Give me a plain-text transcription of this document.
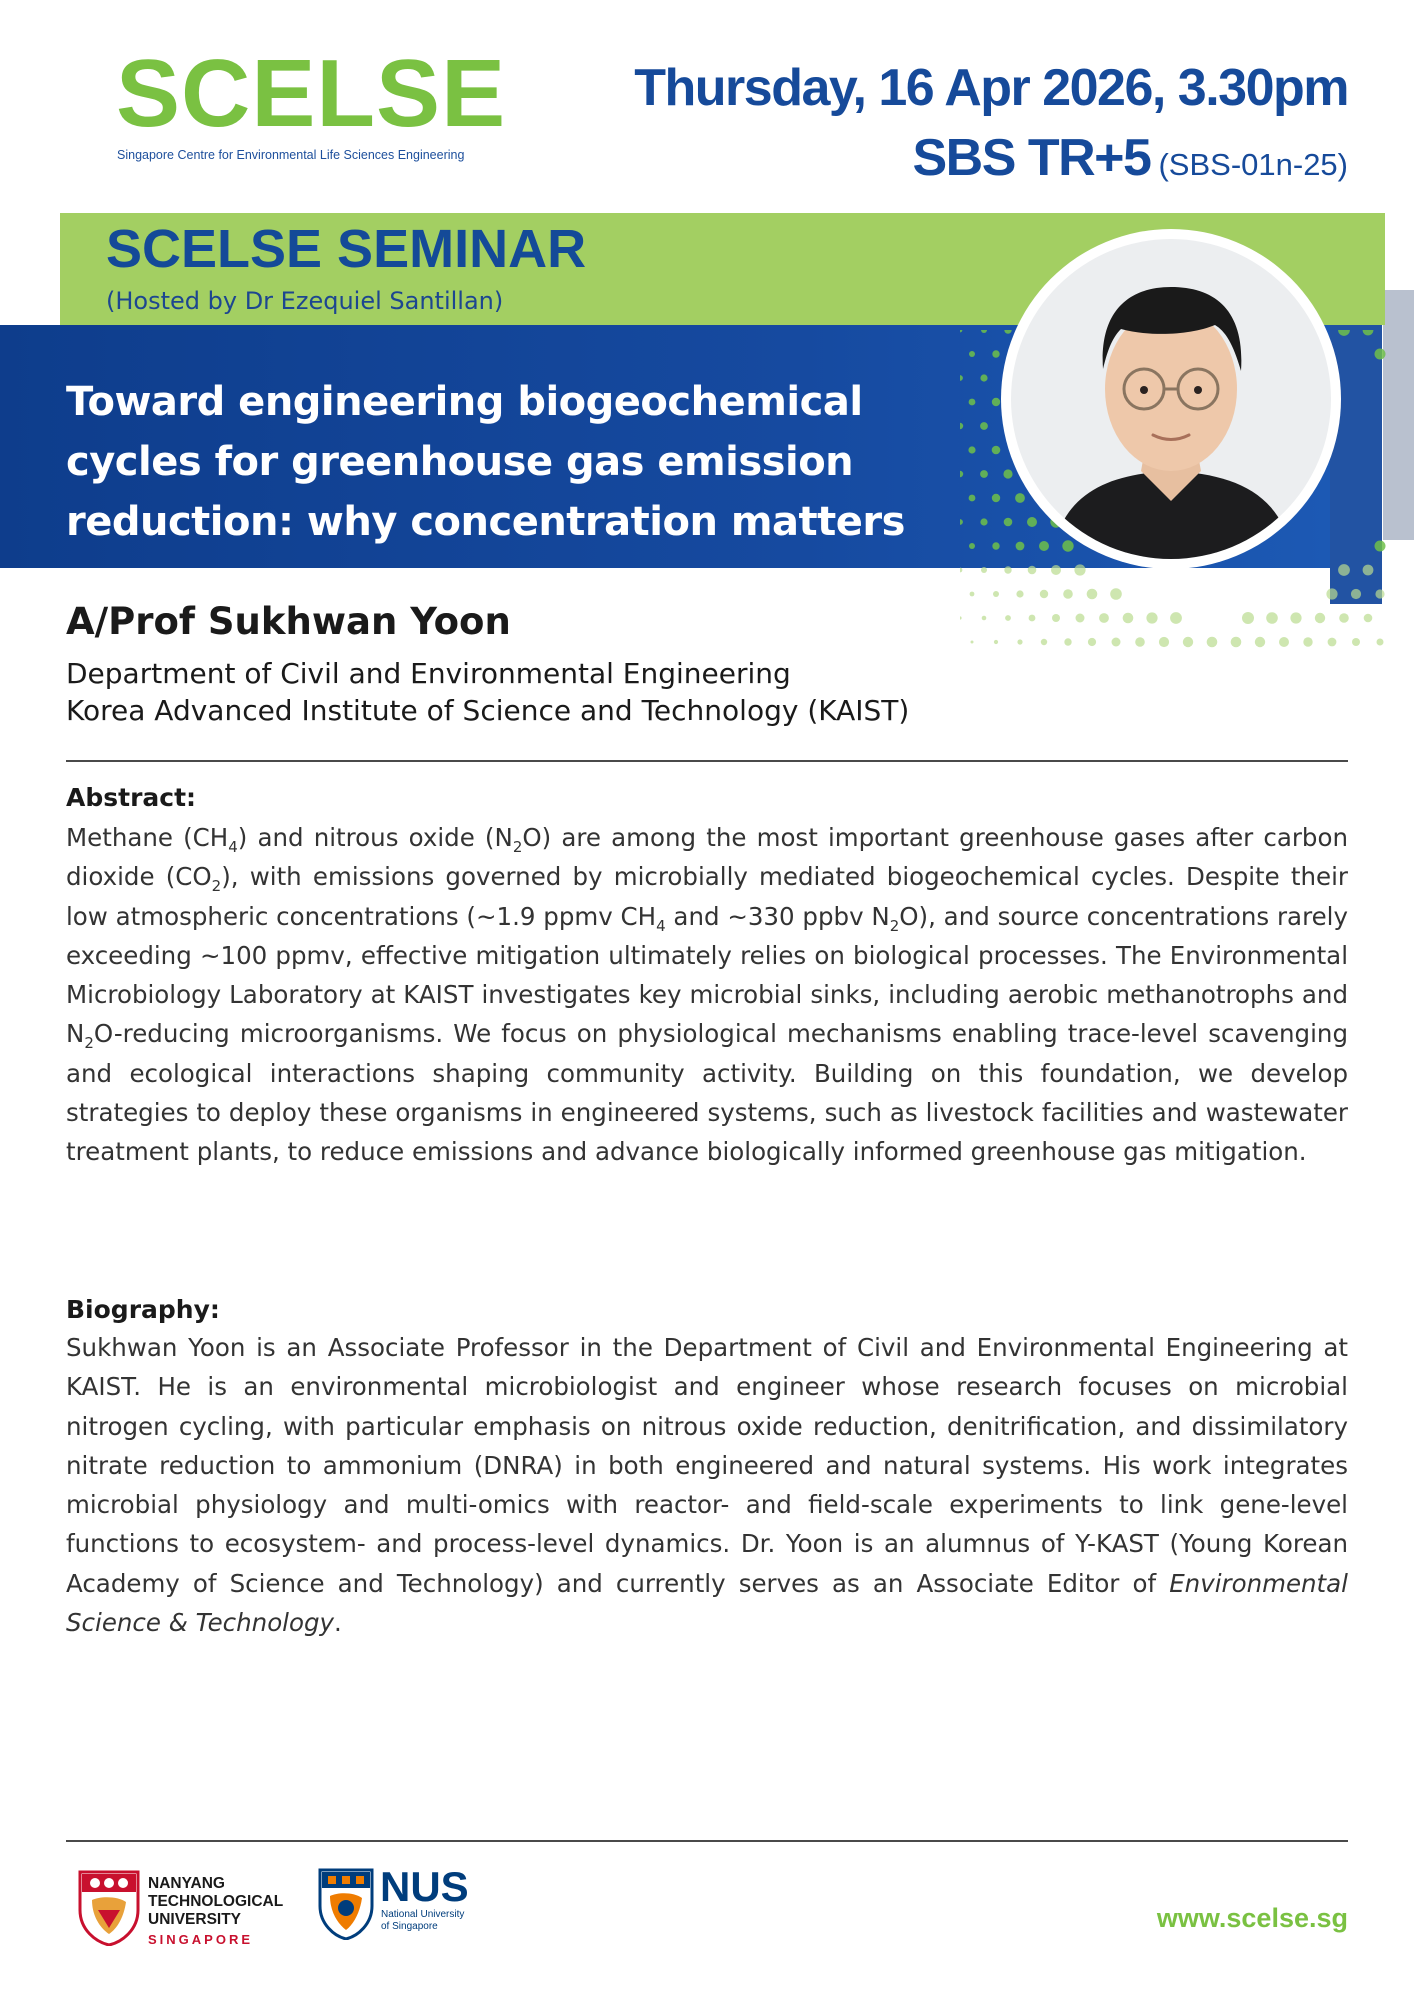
SCELSE
Singapore Centre for Environmental Life Sciences Engineering
Thursday, 16 Apr 2026, 3.30pm
SBS TR+5 (SBS-01n-25)
SCELSE SEMINAR
(Hosted by Dr Ezequiel Santillan)
Toward engineering biogeochemical
cycles for greenhouse gas emission
reduction: why concentration matters
A/Prof Sukhwan Yoon
Department of Civil and Environmental Engineering
Korea Advanced Institute of Science and Technology (KAIST)
Abstract:
Methane $(CH_4)$ and nitrous oxide $(N_2O)$ are among the most important greenhouse gases after carbon dioxide $(CO_2)$, with emissions governed by microbially mediated biogeochemical cycles. Despite their low atmospheric concentrations (~1.9 ppmv $CH_4$ and ~330 ppbv $N_2O$), and source concentrations rarely exceeding ~100 ppmv, effective mitigation ultimately relies on biological processes. The Environmental Microbiology Laboratory at KAIST investigates key microbial sinks, including aerobic methanotrophs and $N_2O$-reducing microorganisms. We focus on physiological mechanisms enabling trace-level scavenging and ecological interactions shaping community activity. Building on this foundation, we develop strategies to deploy these organisms in engineered systems, such as livestock facilities and wastewater treatment plants, to reduce emissions and advance biologically informed greenhouse gas mitigation.
Biography:
Sukhwan Yoon is an Associate Professor in the Department of Civil and Environmental Engineering at KAIST. He is an environmental microbiologist and engineer whose research focuses on microbial nitrogen cycling, with particular emphasis on nitrous oxide reduction, denitrification, and dissimilatory nitrate reduction to ammonium (DNRA) in both engineered and natural systems. His work integrates microbial physiology and multi-omics with reactor- and field-scale experiments to link gene-level functions to ecosystem- and process-level dynamics. Dr. Yoon is an alumnus of Y-KAST (Young Korean Academy of Science and Technology) and currently serves as an Associate Editor of Environmental Science & Technology.
NANYANG
TECHNOLOGICAL
UNIVERSITY
SINGAPORE
NUS
National University
of Singapore	www.scelse.sg
